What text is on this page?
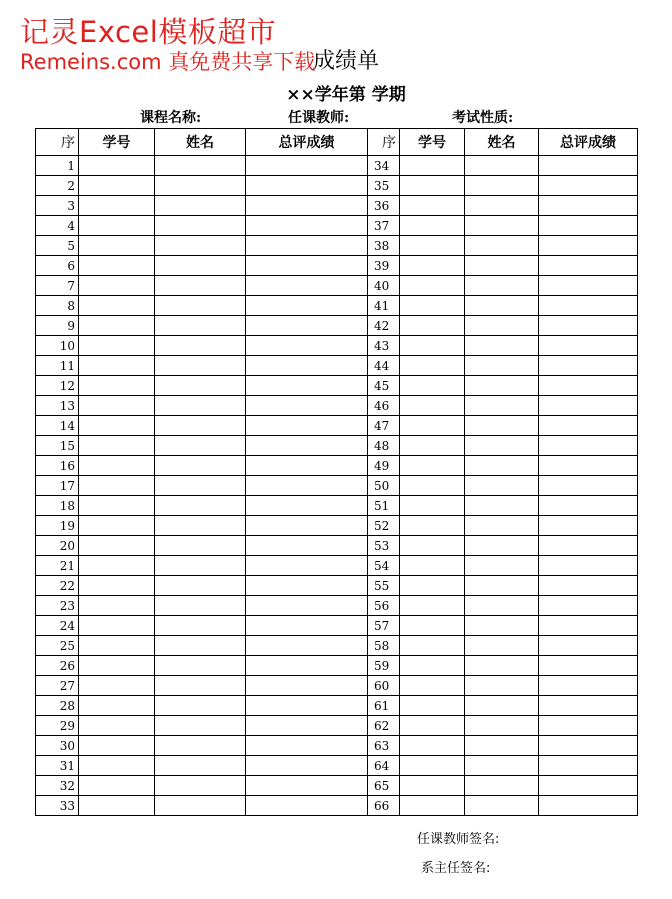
记灵Excel模板超市
Remeins.com 真免费共享下载
成绩单
××学年第 学期
课程名称:	任课教师:	考试性质:
序	学号	姓名	总评成绩	序	学号	姓名	总评成绩
1				34			
2				35			
3				36			
4				37			
5				38			
6				39			
7				40			
8				41			
9				42			
10				43			
11				44			
12				45			
13				46			
14				47			
15				48			
16				49			
17				50			
18				51			
19				52			
20				53			
21				54			
22				55			
23				56			
24				57			
25				58			
26				59			
27				60			
28				61			
29				62			
30				63			
31				64			
32				65			
33				66			
任课教师签名:
系主任签名:
